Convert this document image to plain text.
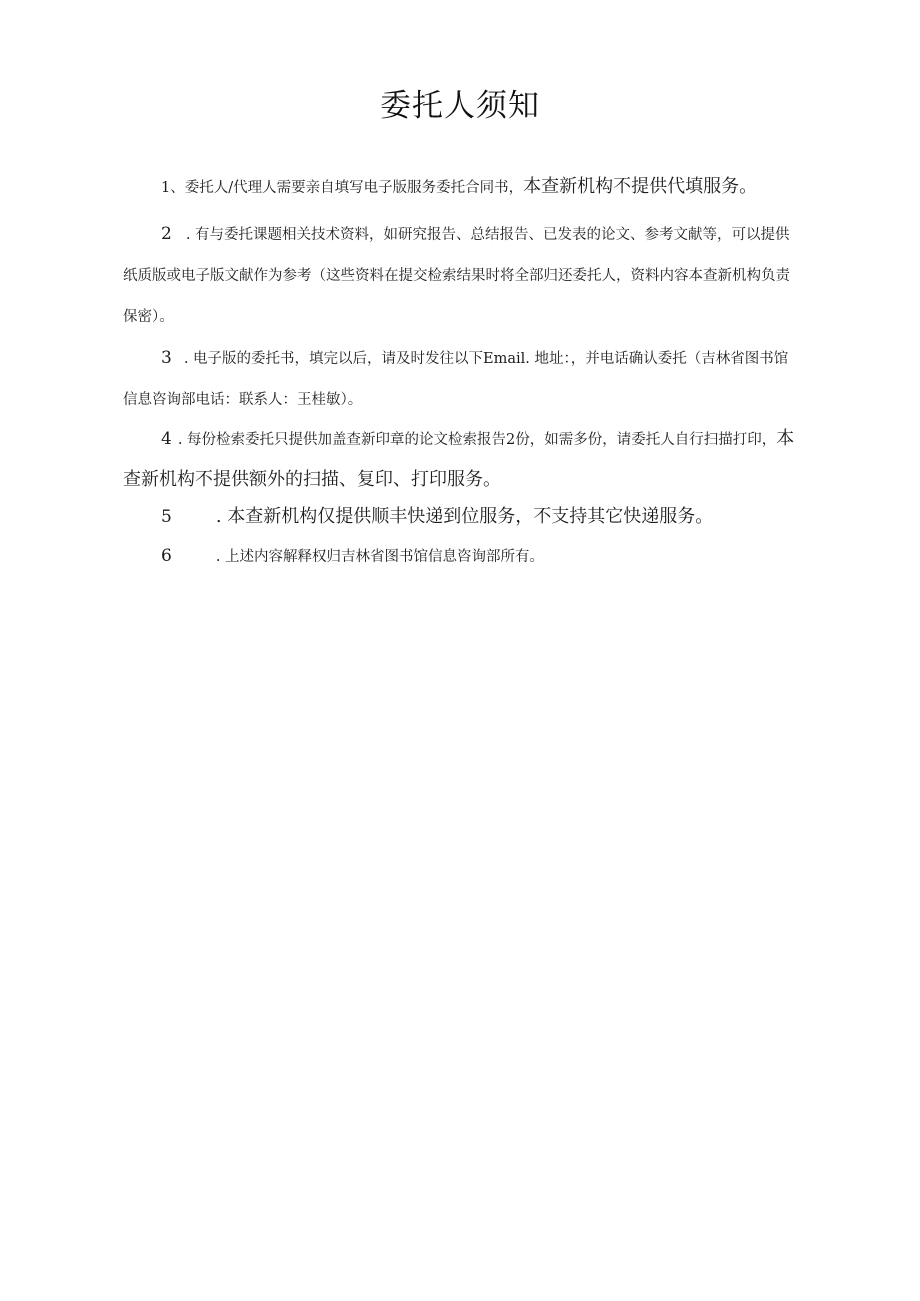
委托人须知
1、委托人/代理人需要亲自填写电子版服务委托合同书，本查新机构不提供代填服务。
2 . 有与委托课题相关技术资料，如研究报告、总结报告、已发表的论文、参考文献等，可以提供
纸质版或电子版文献作为参考（这些资料在提交检索结果时将全部归还委托人，资料内容本查新机构负责
保密）。
3 . 电子版的委托书，填完以后，请及时发往以下Email. 地址：，并电话确认委托（吉林省图书馆
信息咨询部电话：联系人：王桂敏）。
4 . 每份检索委托只提供加盖查新印章的论文检索报告2份，如需多份，请委托人自行扫描打印，本
查新机构不提供额外的扫描、复印、打印服务。
5 . 本查新机构仅提供顺丰快递到位服务，不支持其它快递服务。
6	. 上述内容解释权归吉林省图书馆信息咨询部所有。
